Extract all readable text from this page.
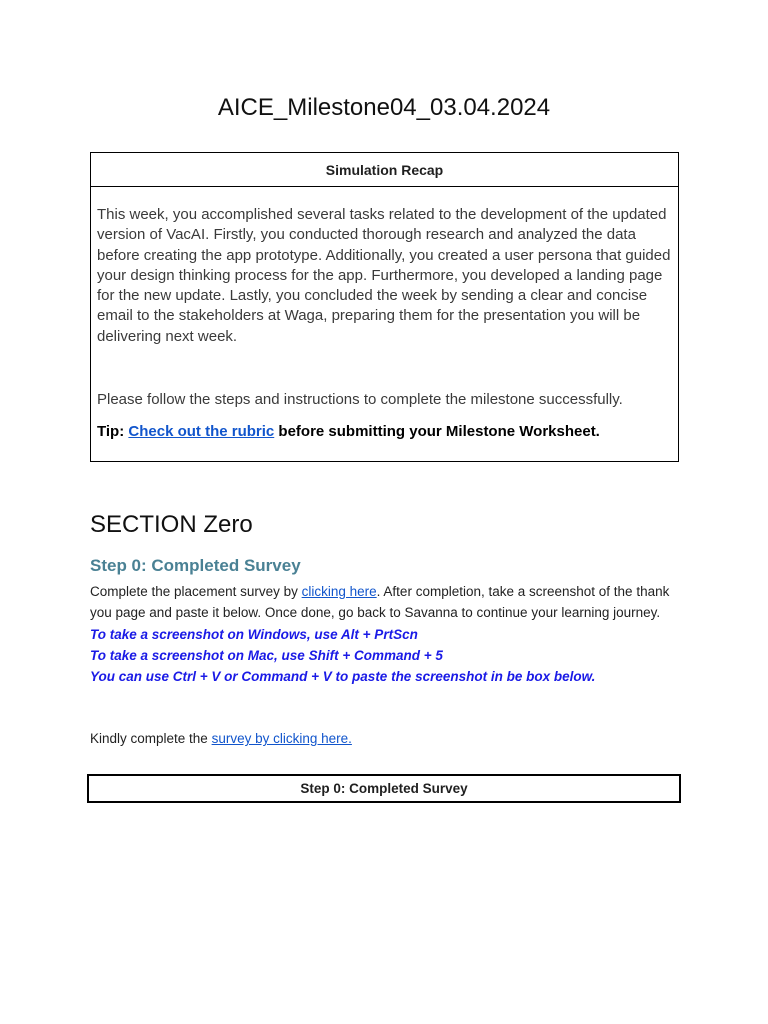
AICE_Milestone04_03.04.2024
Simulation Recap
This week, you accomplished several tasks related to the development of the updated version of VacAI. Firstly, you conducted thorough research and analyzed the data before creating the app prototype. Additionally, you created a user persona that guided your design thinking process for the app. Furthermore, you developed a landing page for the new update. Lastly, you concluded the week by sending a clear and concise email to the stakeholders at Waga, preparing them for the presentation you will be delivering next week.
Please follow the steps and instructions to complete the milestone successfully.
Tip: Check out the rubric before submitting your Milestone Worksheet.
SECTION Zero
Step 0: Completed Survey
Complete the placement survey by clicking here. After completion, take a screenshot of the thank you page and paste it below. Once done, go back to Savanna to continue your learning journey.
To take a screenshot on Windows, use Alt + PrtScn
To take a screenshot on Mac, use Shift + Command + 5
You can use Ctrl + V or Command + V to paste the screenshot in be box below.
Kindly complete the survey by clicking here.
Step 0: Completed Survey
